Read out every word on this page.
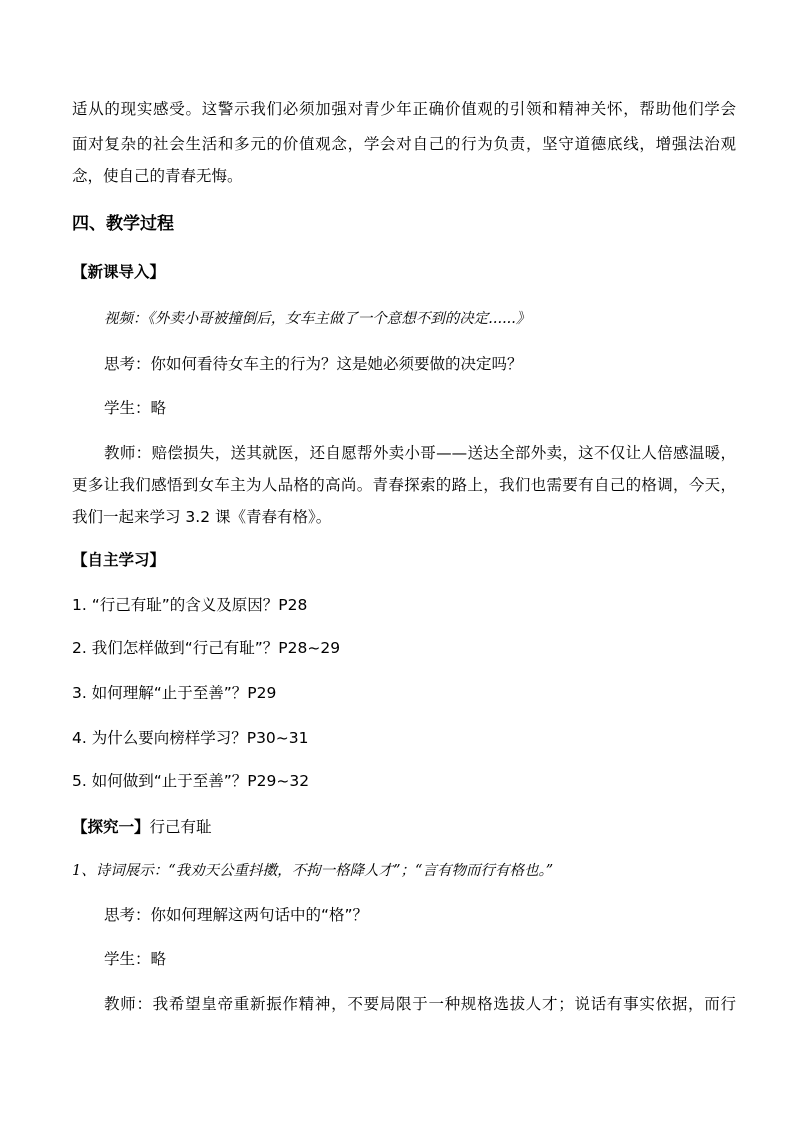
适从的现实感受。这警示我们必须加强对青少年正确价值观的引领和精神关怀，帮助他们学会
面对复杂的社会生活和多元的价值观念，学会对自己的行为负责，坚守道德底线，增强法治观
念，使自己的青春无悔。
四、教学过程
【新课导入】
视频：《外卖小哥被撞倒后，女车主做了一个意想不到的决定......》
思考：你如何看待女车主的行为？这是她必须要做的决定吗？
学生：略
教师：赔偿损失，送其就医，还自愿帮外卖小哥——送达全部外卖，这不仅让人倍感温暖，
更多让我们感悟到女车主为人品格的高尚。青春探索的路上，我们也需要有自己的格调，今天，
我们一起来学习 3.2 课《青春有格》。
【自主学习】
1. “行己有耻”的含义及原因？P28
2. 我们怎样做到“行己有耻”？P28~29
3. 如何理解“止于至善”？P29
4. 为什么要向榜样学习？P30~31
5. 如何做到“止于至善”？P29~32
【探究一】行己有耻
1、诗词展示：“我劝天公重抖擞，不拘一格降人才”；“言有物而行有格也。”
思考：你如何理解这两句话中的“格”？
学生：略
教师：我希望皇帝重新振作精神，不要局限于一种规格选拔人才；说话有事实依据，而行
